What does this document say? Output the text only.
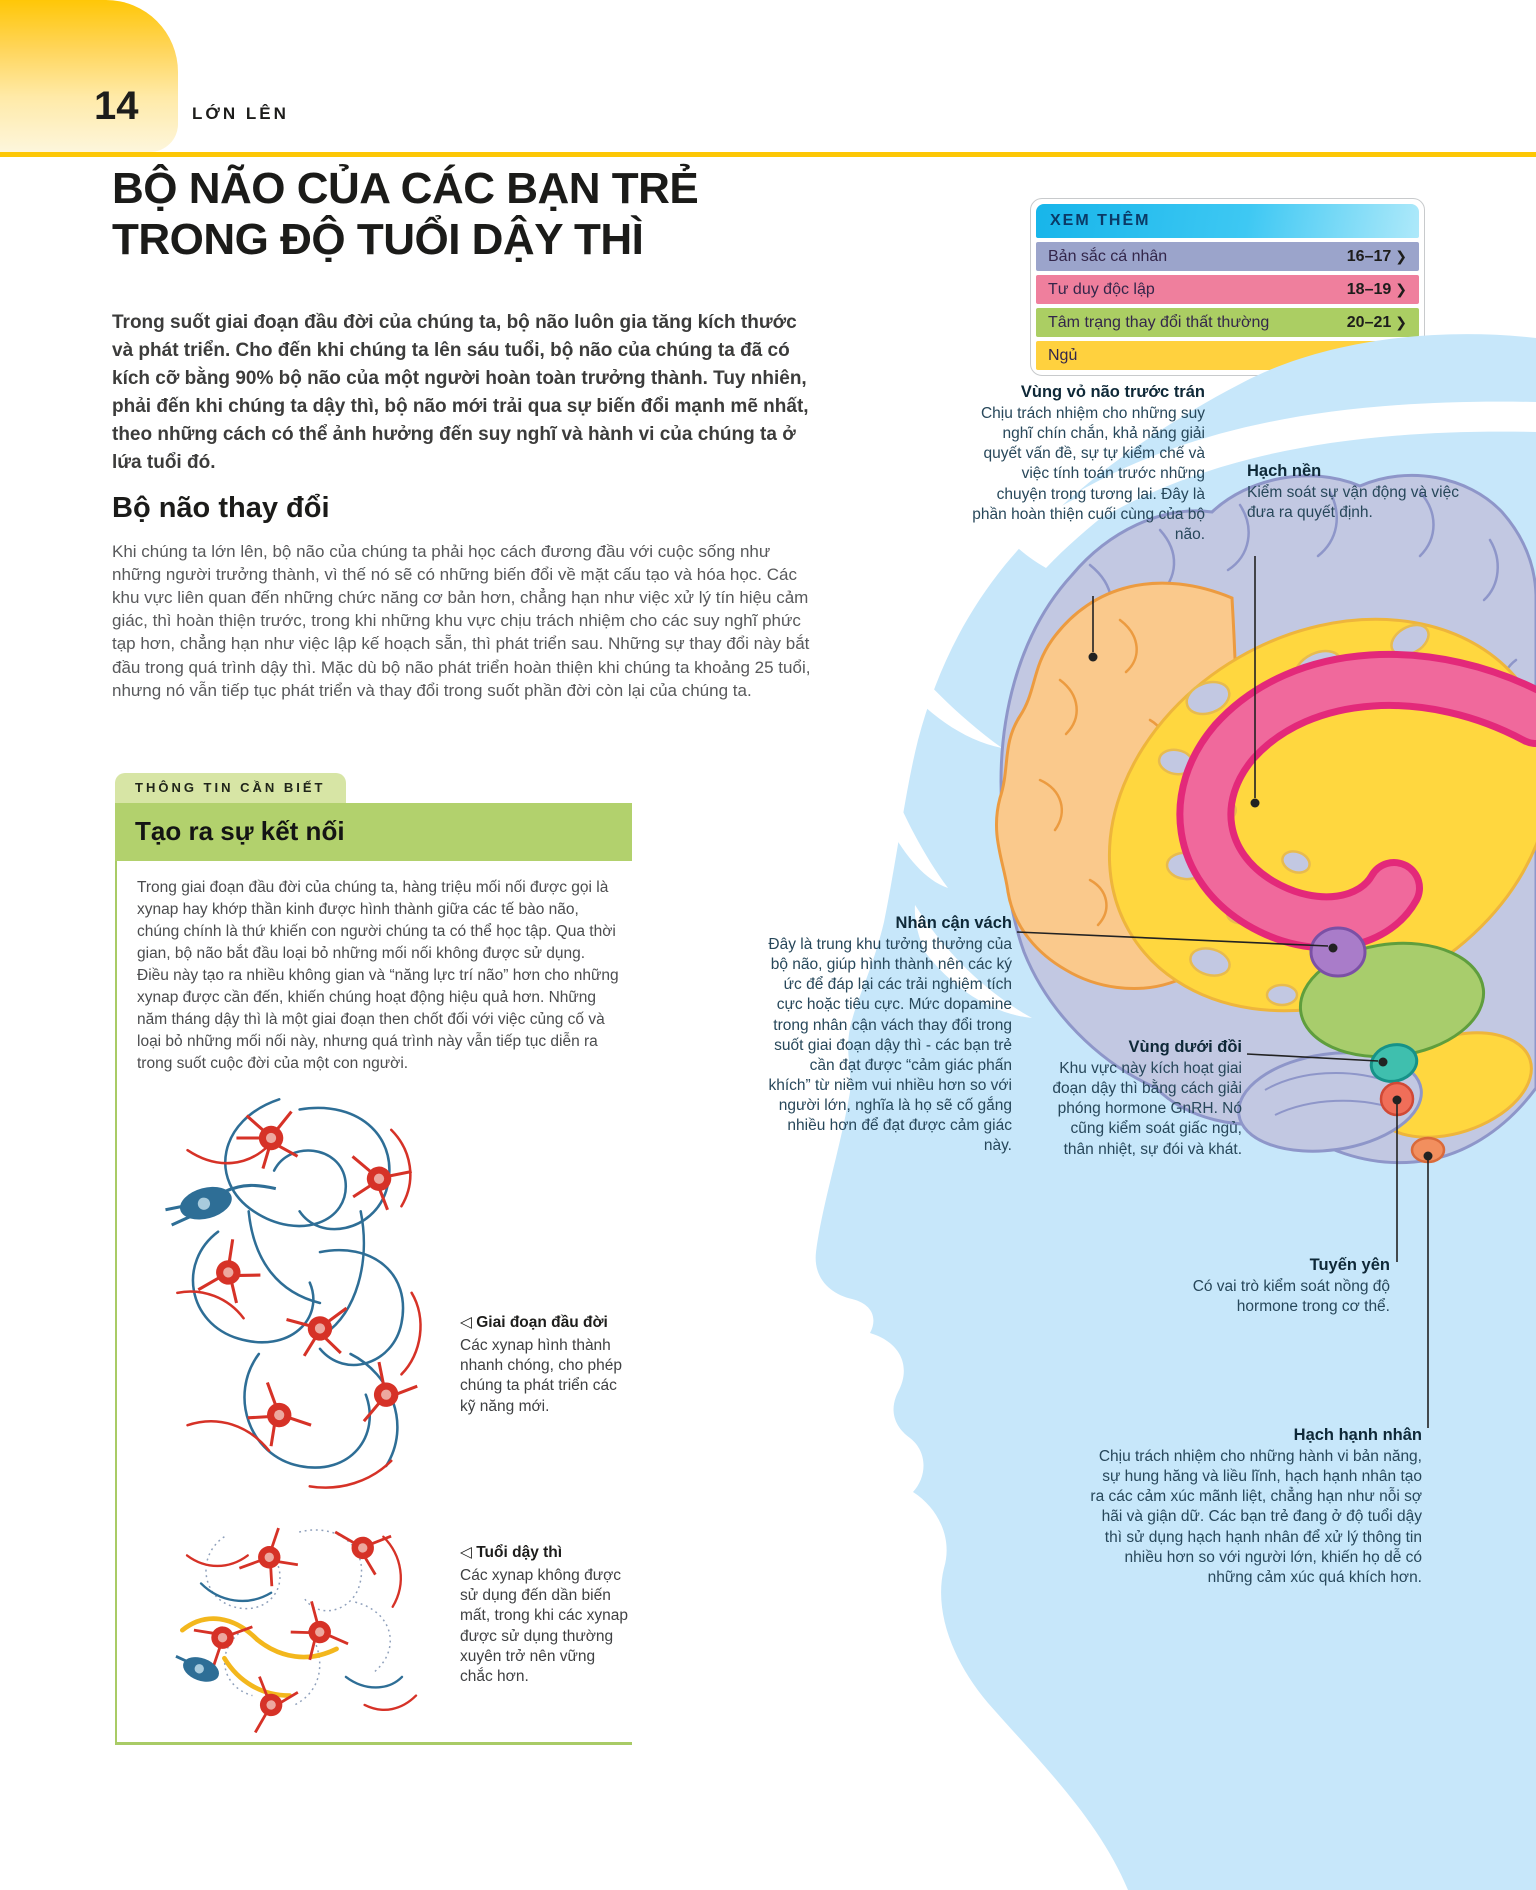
14	LỚN LÊN
BỘ NÃO CỦA CÁC BẠN TRẺ
TRONG ĐỘ TUỔI DẬY THÌ

Trong suốt giai đoạn đầu đời của chúng ta, bộ não luôn gia tăng kích thước và phát triển. Cho đến khi chúng ta lên sáu tuổi, bộ não của chúng ta đã có kích cỡ bằng 90% bộ não của một người hoàn toàn trưởng thành. Tuy nhiên, phải đến khi chúng ta dậy thì, bộ não mới trải qua sự biến đổi mạnh mẽ nhất, theo những cách có thể ảnh hưởng đến suy nghĩ và hành vi của chúng ta ở lứa tuổi đó.

XEM THÊM
Bản sắc cá nhân	16–17 ❯
Tư duy độc lập	18–19 ❯
Tâm trạng thay đổi thất thường	20–21 ❯
Ngủ
Bộ não thay đổi

Khi chúng ta lớn lên, bộ não của chúng ta phải học cách đương đầu với cuộc sống như những người trưởng thành, vì thế nó sẽ có những biến đổi về mặt cấu tạo và hóa học. Các khu vực liên quan đến những chức năng cơ bản hơn, chẳng hạn như việc xử lý tín hiệu cảm giác, thì hoàn thiện trước, trong khi những khu vực chịu trách nhiệm cho các suy nghĩ phức tạp hơn, chẳng hạn như việc lập kế hoạch sẵn, thì phát triển sau. Những sự thay đổi này bắt đầu trong quá trình dậy thì. Mặc dù bộ não phát triển hoàn thiện khi chúng ta khoảng 25 tuổi, nhưng nó vẫn tiếp tục phát triển và thay đổi trong suốt phần đời còn lại của chúng ta.

THÔNG TIN CẦN BIẾT
Tạo ra sự kết nối

Trong giai đoạn đầu đời của chúng ta, hàng triệu mối nối được gọi là xynap hay khớp thần kinh được hình thành giữa các tế bào não, chúng chính là thứ khiến con người chúng ta có thể học tập. Qua thời gian, bộ não bắt đầu loại bỏ những mối nối không được sử dụng. Điều này tạo ra nhiều không gian và “năng lực trí não” hơn cho những xynap được cần đến, khiến chúng hoạt động hiệu quả hơn. Những năm tháng dậy thì là một giai đoạn then chốt đối với việc củng cố và loại bỏ những mối nối này, nhưng quá trình này vẫn tiếp tục diễn ra trong suốt cuộc đời của một con người.

◁ Giai đoạn đầu đời
Các xynap hình thành nhanh chóng, cho phép chúng ta phát triển các kỹ năng mới.
◁ Tuổi dậy thì
Các xynap không được sử dụng đến dần biến mất, trong khi các xynap được sử dụng thường xuyên trở nên vững chắc hơn.
Vùng vỏ não trước trán

Chịu trách nhiệm cho những suy nghĩ chín chắn, khả năng giải quyết vấn đề, sự tự kiểm chế và việc tính toán trước những chuyện trong tương lai. Đây là phần hoàn thiện cuối cùng của bộ não.

Hạch nền

Kiểm soát sự vận động và việc đưa ra quyết định.

Nhân cận vách

Đây là trung khu tưởng thưởng của bộ não, giúp hình thành nên các ký ức để đáp lại các trải nghiệm tích cực hoặc tiêu cực. Mức dopamine trong nhân cận vách thay đổi trong suốt giai đoạn dậy thì - các bạn trẻ cần đạt được “cảm giác phấn khích” từ niềm vui nhiều hơn so với người lớn, nghĩa là họ sẽ cố gắng nhiều hơn để đạt được cảm giác này.

Vùng dưới đồi

Khu vực này kích hoạt giai đoạn dậy thì bằng cách giải phóng hormone GnRH. Nó cũng kiểm soát giấc ngủ, thân nhiệt, sự đói và khát.

Tuyến yên

Có vai trò kiểm soát nồng độ hormone trong cơ thể.

Hạch hạnh nhân

Chịu trách nhiệm cho những hành vi bản năng, sự hung hăng và liều lĩnh, hạch hạnh nhân tạo ra các cảm xúc mãnh liệt, chẳng hạn như nỗi sợ hãi và giận dữ. Các bạn trẻ đang ở độ tuổi dậy thì sử dụng hạch hạnh nhân để xử lý thông tin nhiều hơn so với người lớn, khiến họ dễ có những cảm xúc quá khích hơn.
